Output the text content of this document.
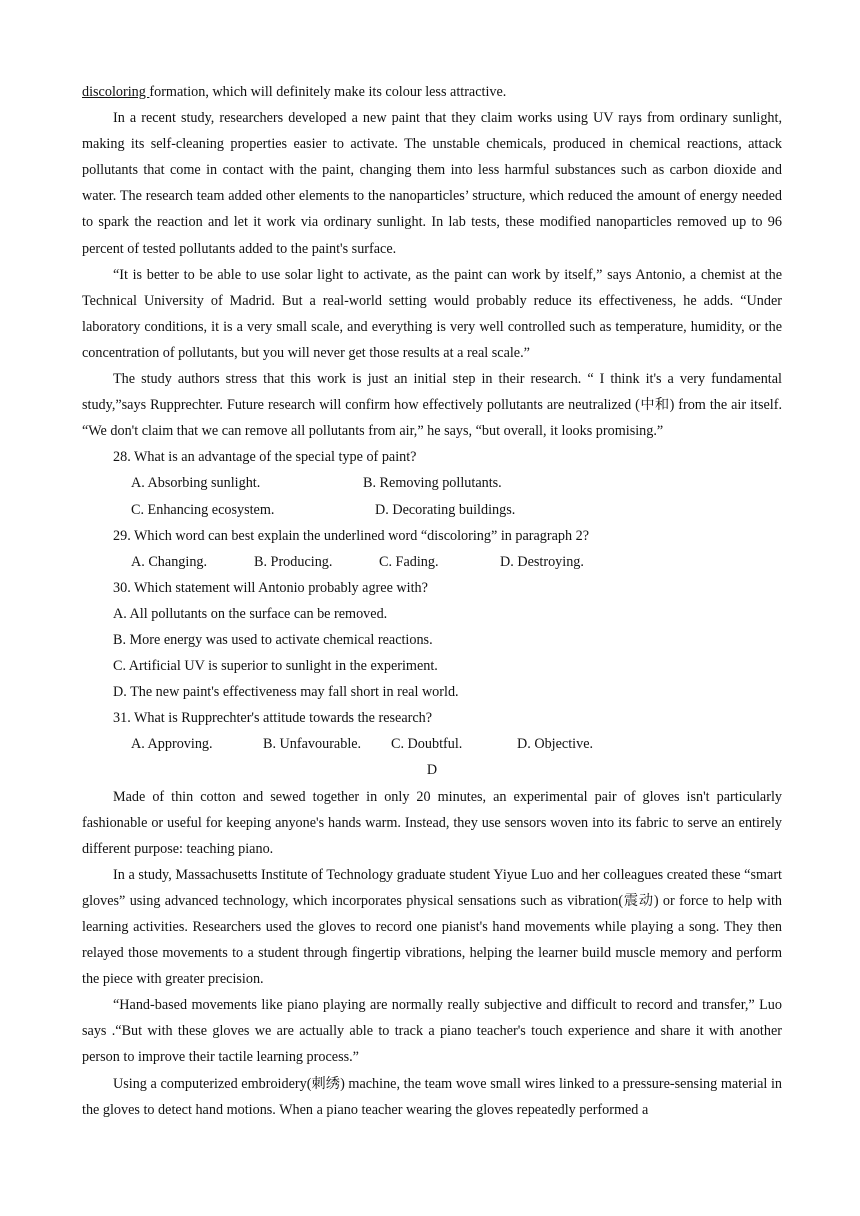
discoloring formation, which will definitely make its colour less attractive.

In a recent study, researchers developed a new paint that they claim works using UV rays from ordinary sunlight, making its self-cleaning properties easier to activate. The unstable chemicals, produced in chemical reactions, attack pollutants that come in contact with the paint, changing them into less harmful substances such as carbon dioxide and water. The research team added other elements to the nanoparticles’ structure, which reduced the amount of energy needed to spark the reaction and let it work via ordinary sunlight. In lab tests, these modified nanoparticles removed up to 96 percent of tested pollutants added to the paint's surface.

“It is better to be able to use solar light to activate, as the paint can work by itself,” says Antonio, a chemist at the Technical University of Madrid. But a real-world setting would probably reduce its effectiveness, he adds. “Under laboratory conditions, it is a very small scale, and everything is very well controlled such as temperature, humidity, or the concentration of pollutants, but you will never get those results at a real scale.”

The study authors stress that this work is just an initial step in their research. “ I think it's a very fundamental study,”says Rupprechter. Future research will confirm how effectively pollutants are neutralized (中和) from the air itself. “We don't claim that we can remove all pollutants from air,” he says, “but overall, it looks promising.”

28. What is an advantage of the special type of paint?

A. Absorbing sunlight.	B. Removing pollutants.

C. Enhancing ecosystem.	D. Decorating buildings.

29. Which word can best explain the underlined word “discoloring” in paragraph 2?

A. Changing.	B. Producing.	C. Fading.	D. Destroying.

30. Which statement will Antonio probably agree with?

A. All pollutants on the surface can be removed.

B. More energy was used to activate chemical reactions.

C. Artificial UV is superior to sunlight in the experiment.

D. The new paint's effectiveness may fall short in real world.

31. What is Rupprechter's attitude towards the research?

A. Approving.	B. Unfavourable. C. Doubtful.	D. Objective.

D

Made of thin cotton and sewed together in only 20 minutes, an experimental pair of gloves isn't particularly fashionable or useful for keeping anyone's hands warm. Instead, they use sensors woven into its fabric to serve an entirely different purpose: teaching piano.

In a study, Massachusetts Institute of Technology graduate student Yiyue Luo and her colleagues created these “smart gloves” using advanced technology, which incorporates physical sensations such as vibration(震动) or force to help with learning activities. Researchers used the gloves to record one pianist's hand movements while playing a song. They then relayed those movements to a student through fingertip vibrations, helping the learner build muscle memory and perform the piece with greater precision.

“Hand-based movements like piano playing are normally really subjective and difficult to record and transfer,” Luo says .“But with these gloves we are actually able to track a piano teacher's touch experience and share it with another person to improve their tactile learning process.”

Using a computerized embroidery(刺绣) machine, the team wove small wires linked to a pressure-sensing material in the gloves to detect hand motions. When a piano teacher wearing the gloves repeatedly performed a
